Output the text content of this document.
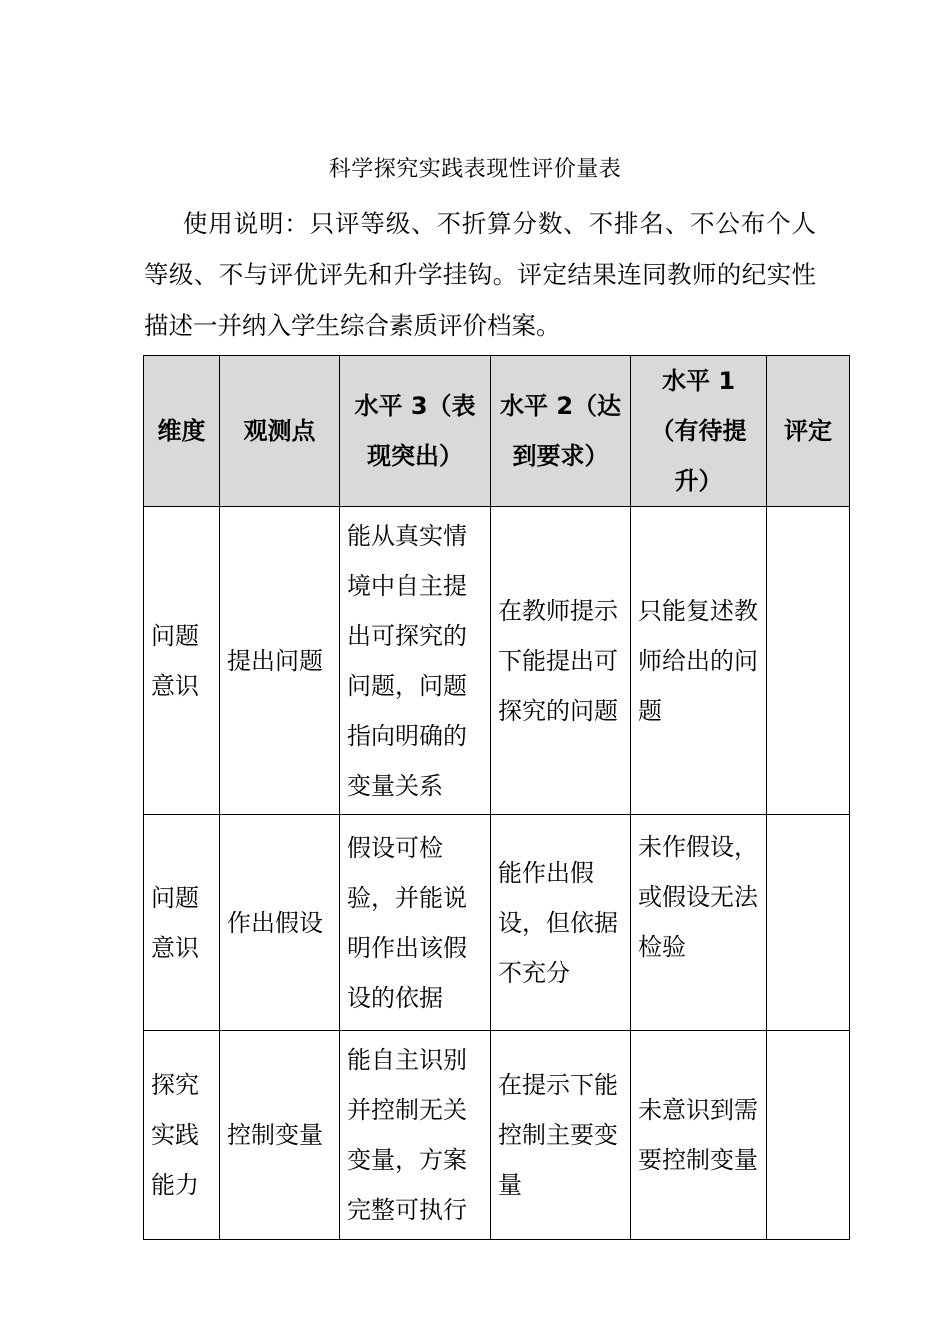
科学探究实践表现性评价量表
使用说明：只评等级、不折算分数、不排名、不公布个人等级、不与评优评先和升学挂钩。评定结果连同教师的纪实性描述一并纳入学生综合素质评价档案。
维度	观测点	水平 3（表现突出）	水平 2（达到要求）	水平 1（有待提升）	评定
问题意识	提出问题	能从真实情境中自主提出可探究的问题，问题指向明确的变量关系	在教师提示下能提出可探究的问题	只能复述教师给出的问题	
问题意识	作出假设	假设可检验，并能说明作出该假设的依据	能作出假设，但依据不充分	未作假设，或假设无法检验	
探究实践能力	控制变量	能自主识别并控制无关变量，方案完整可执行	在提示下能控制主要变量	未意识到需要控制变量	
